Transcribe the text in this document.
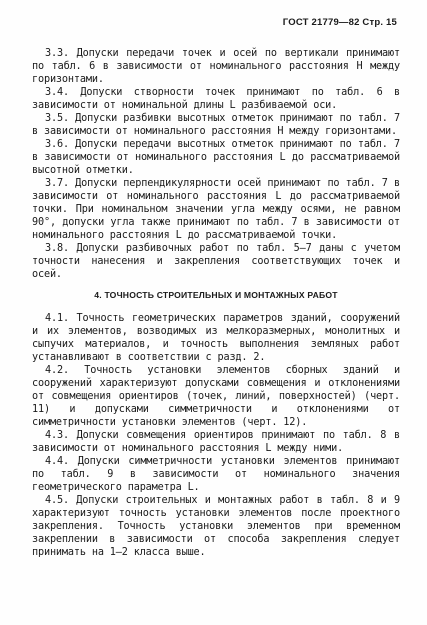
ГОСТ 21779—82 Стр. 15

3.3. Допуски передачи точек и осей по вертикали принимают по табл. 6 в зависимости от номинального расстояния H между горизонтами.

3.4. Допуски створности точек принимают по табл. 6 в зависимости от номинальной длины L разбиваемой оси.

3.5. Допуски разбивки высотных отметок принимают по табл. 7 в зависимости от номинального расстояния H между горизонтами.

3.6. Допуски передачи высотных отметок принимают по табл. 7 в зависимости от номинального расстояния L до рассматриваемой высотной отметки.

3.7. Допуски перпендикулярности осей принимают по табл. 7 в зависимости от номинального расстояния L до рассматриваемой точки. При номинальном значении угла между осями, не равном 90°, допуски угла также принимают по табл. 7 в зависимости от номинального расстояния L до рассматриваемой точки.

3.8. Допуски разбивочных работ по табл. 5—7 даны с учетом точности нанесения и закрепления соответствующих точек и осей.

4. ТОЧНОСТЬ СТРОИТЕЛЬНЫХ И МОНТАЖНЫХ РАБОТ

4.1. Точность геометрических параметров зданий, сооружений и их элементов, возводимых из мелкоразмерных, монолитных и сыпучих материалов, и точность выполнения земляных работ устанавливают в соответствии с разд. 2.

4.2. Точность установки элементов сборных зданий и сооружений характеризуют допусками совмещения и отклонениями от совмещения ориентиров (точек, линий, поверхностей) (черт. 11) и допусками симметричности и отклонениями от симметричности установки элементов (черт. 12).

4.3. Допуски совмещения ориентиров принимают по табл. 8 в зависимости от номинального расстояния L между ними.

4.4. Допуски симметричности установки элементов принимают по табл. 9 в зависимости от номинального значения геометрического параметра L.

4.5. Допуски строительных и монтажных работ в табл. 8 и 9 характеризуют точность установки элементов после проектного закрепления. Точность установки элементов при временном закреплении в зависимости от способа закрепления следует принимать на 1—2 класса выше.
